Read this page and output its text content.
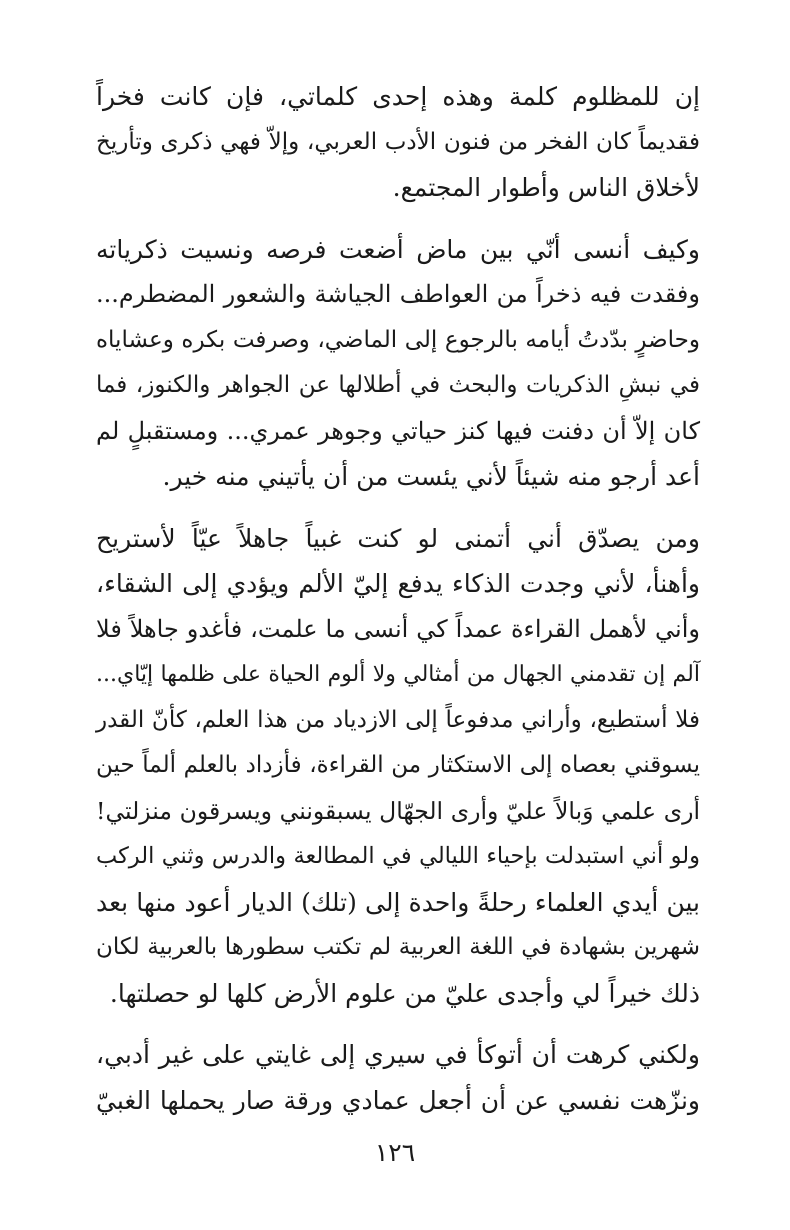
إن للمظلوم كلمة وهذه إحدى كلماتي، فإن كانت فخراً
فقديماً كان الفخر من فنون الأدب العربي، وإلاّ فهي ذكرى وتأريخ
لأخلاق الناس وأطوار المجتمع.

وكيف أنسى أنّي بين ماض أضعت فرصه ونسيت ذكرياته
وفقدت فيه ذخراً من العواطف الجياشة والشعور المضطرم...
وحاضرٍ بدّدتُ أيامه بالرجوع إلى الماضي، وصرفت بكره وعشاياه
في نبشِ الذكريات والبحث في أطلالها عن الجواهر والكنوز، فما
كان إلاّ أن دفنت فيها كنز حياتي وجوهر عمري... ومستقبلٍ لم
أعد أرجو منه شيئاً لأني يئست من أن يأتيني منه خير.

ومن يصدّق أني أتمنى لو كنت غبياً جاهلاً عيّاً لأستريح
وأهنأ، لأني وجدت الذكاء يدفع إليّ الألم ويؤدي إلى الشقاء،
وأني لأهمل القراءة عمداً كي أنسى ما علمت، فأغدو جاهلاً فلا
آلم إن تقدمني الجهال من أمثالي ولا ألوم الحياة على ظلمها إيّاي...
فلا أستطيع، وأراني مدفوعاً إلى الازدياد من هذا العلم، كأنّ القدر
يسوقني بعصاه إلى الاستكثار من القراءة، فأزداد بالعلم ألماً حين
أرى علمي وَبالاً عليّ وأرى الجهّال يسبقونني ويسرقون منزلتي!
ولو أني استبدلت بإحياء الليالي في المطالعة والدرس وثني الركب
بين أيدي العلماء رحلةً واحدة إلى (تلك) الديار أعود منها بعد
شهرين بشهادة في اللغة العربية لم تكتب سطورها بالعربية لكان
ذلك خيراً لي وأجدى عليّ من علوم الأرض كلها لو حصلتها.

ولكني كرهت أن أتوكأ في سيري إلى غايتي على غير أدبي،
ونزّهت نفسي عن أن أجعل عمادي ورقة صار يحملها الغبيّ

١٢٦
